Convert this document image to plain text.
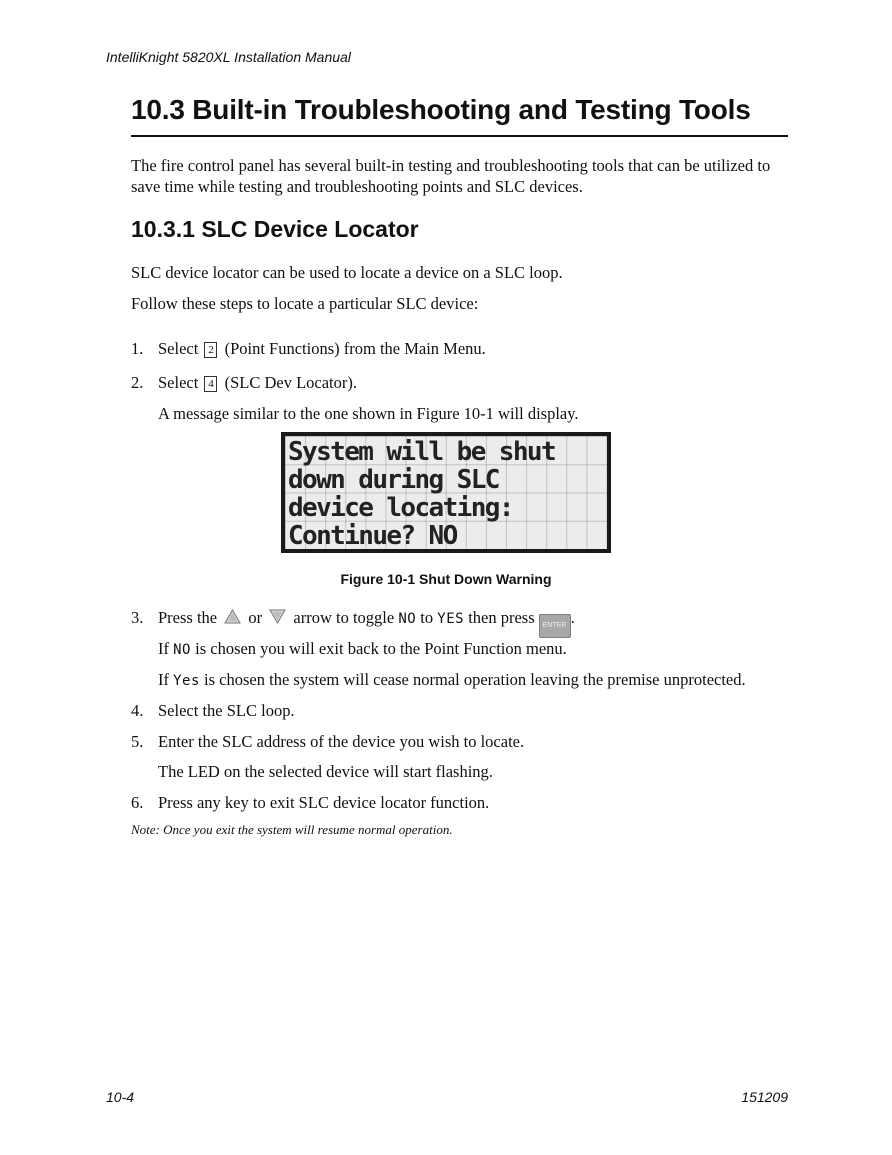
IntelliKnight 5820XL Installation Manual
10.3 Built-in Troubleshooting and Testing Tools
The fire control panel has several built-in testing and troubleshooting tools that can be utilized to save time while testing and troubleshooting points and SLC devices.
10.3.1 SLC Device Locator
SLC device locator can be used to locate a device on a SLC loop.
Follow these steps to locate a particular SLC device:
1. Select 2 (Point Functions) from the Main Menu.
2. Select 4 (SLC Dev Locator).
A message similar to the one shown in Figure 10-1 will display.
System will be shut
down during SLC
device locating:
Continue? NO
Figure 10-1 Shut Down Warning
3. Press the or arrow to toggle NO to YES then press ENTER .
If NO is chosen you will exit back to the Point Function menu.
If Yes is chosen the system will cease normal operation leaving the premise unprotected.
4. Select the SLC loop.
5. Enter the SLC address of the device you wish to locate.
The LED on the selected device will start flashing.
6. Press any key to exit SLC device locator function.
Note: Once you exit the system will resume normal operation.
10-4	151209
